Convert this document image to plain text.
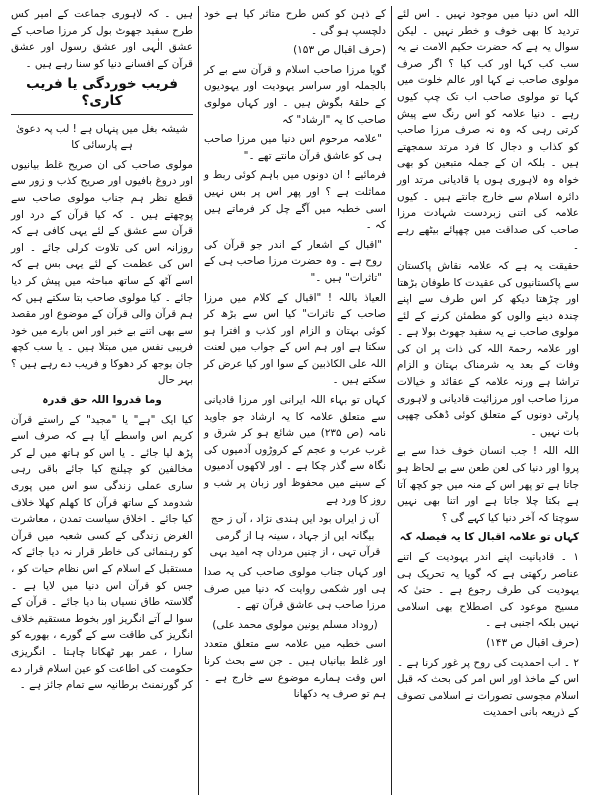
اللہ اس دنیا میں موجود نہیں ۔ اس لئے تردید کا بھی خوف و خطر نہیں ۔ لیکن سوال یہ ہے کہ حضرت حکیم الامت نے یہ سب کب کہا اور کب کیا ؟ اگر صرف مولوی صاحب نے کہا اور عالم خلوت میں کہا تو مولوی صاحب اب تک چپ کیوں رہے ۔ دنیا علامہ کو اس رنگ سے پیش کرتی رہی کہ وہ نہ صرف مرزا صاحب کو کذاب و دجال کا فرد مرتد سمجھتے ہیں ۔ بلکہ ان کے جملہ متبعین کو بھی خواہ وہ لاہوری ہوں یا قادیانی مرتد اور دائرہ اسلام سے خارج جانتے ہیں ۔ کیوں علامہ کی اتنی زبردست شہادت مرزا صاحب کی صداقت میں چھپائے بیٹھے رہے ۔

حقیقت یہ ہے کہ علامہ نقاش پاکستان سے پاکستانیوں کی عقیدت کا طوفان بڑھتا اور چڑھتا دیکھ کر اس طرف سے اپنے چندہ دینے والوں کو مطمئن کرنے کے لئے مولوی صاحب نے یہ سفید جھوٹ بولا ہے ۔ اور علامہ رحمۃ اللہ کی ذات پر ان کی وفات کے بعد یہ شرمناک بہتان و الزام تراشا ہے ورنہ علامہ کے عقائد و خیالات مرزا صاحب اور مرزائیت قادیانی و لاہوری پارٹی دونوں کے متعلق کوئی ڈھکی چھپی بات نہیں ۔

اللہ اللہ ! جب انسان خوف خدا سے بے پروا اور دنیا کی لعن طعن سے بے لحاظ ہو جاتا ہے تو پھر اس کے منہ میں جو کچھ آتا ہے بکتا چلا جاتا ہے اور اتنا بھی نہیں سوچتا کہ آخر دنیا کیا کہے گی ؟

کہاں تو علامہ اقبال کا یہ فیصلہ کہ

۱ ۔ قادیانیت اپنے اندر یہودیت کے اتنے عناصر رکھتی ہے کہ گویا یہ تحریک ہی یہودیت کی طرف رجوع ہے ۔ حتیٰ کہ مسیح موعود کی اصطلاح بھی اسلامی نہیں بلکہ اجنبی ہے ۔

(حرف اقبال ص ۱۴۳)

۲ ۔ اب احمدیت کی روح پر غور کرنا ہے ۔ اس کے ماخذ اور اس امر کی بحث کہ قبل اسلام مجوسی تصورات نے اسلامی تصوف کے ذریعہ بانی احمدیت

کے ذہن کو کس طرح متاثر کیا ہے خود دلچسپ ہو گی ۔

(حرف اقبال ص ۱۵۳)

گویا مرزا صاحب اسلام و قرآن سے بے کر بالجملہ اور سراسر یہودیت اور یہودیوں کے حلقۂ بگوش ہیں ۔ اور کہاں مولوی صاحب کا یہ "ارشاد" کہ

"علامہ مرحوم اس دنیا میں مرزا صاحب ہی کو عاشق قرآن مانتے تھے ۔"

فرمائیے ! ان دونوں میں باہم کوئی ربط و مماثلت ہے ؟ اور پھر اس پر بس نہیں اسی خطبہ میں آگے چل کر فرماتے ہیں کہ ۔

"اقبال کے اشعار کے اندر جو قرآن کی روح ہے ۔ وہ حضرت مرزا صاحب ہی کے "تاثرات" ہیں ۔"

العیاذ باللہ ! "اقبال کے کلام میں مرزا صاحب کے تاثرات" کیا اس سے بڑھ کر کوئی بہتان و الزام اور کذب و افترا ہو سکتا ہے اور ہم اس کے جواب میں لعنت اللہ علی الکاذبین کے سوا اور کیا عرض کر سکتے ہیں ۔

کہاں تو بہاء اللہ ایرانی اور مرزا قادیانی سے متعلق علامہ کا یہ ارشاد جو جاوید نامہ (ص ۲۳۵) میں شائع ہو کر شرق و غرب عرب و عجم کے کروڑوں آدمیوں کی نگاہ سے گذر چکا ہے ۔ اور لاکھوں آدمیوں کے سینے میں محفوظ اور زبان پر شب و روز کا ورد ہے

آں ز ایراں بود ایں ہندی نژاد ، آں ز حج بیگانہ ایں از جہاد ، سینہ ہا از گرمی قرآں تہی ، از چنیں مرداں چہ امید بہی

اور کہاں جناب مولوی صاحب کی یہ صدا ہی اور شکمی روایت کہ دنیا میں صرف مرزا صاحب ہی عاشق قرآن تھے ۔

(روداد مسلم یونین مولوی محمد علی)

اسی خطبہ میں علامہ سے متعلق متعدد اور غلط بیانیاں ہیں ۔ جن سے بحث کرنا اس وقت ہمارے موضوع سے خارج ہے ۔ ہم تو صرف یہ دکھانا

ہیں ۔ کہ لاہوری جماعت کے امیر کس طرح سفید جھوٹ بول کر مرزا صاحب کے عشق الٰہی اور عشق رسول اور عشق قرآن کے افسانے دنیا کو سنا رہے ہیں ۔

فریب خوردگی یا فریب کاری؟

شیشہ بغل میں پنہاں ہے ! لب پہ دعویٰ ہے پارسائی کا

مولوی صاحب کی ان صریح غلط بیانیوں اور دروغ بافیوں اور صریح کذب و زور سے قطع نظر ہم جناب مولوی صاحب سے پوچھتے ہیں ۔ کہ کیا قرآن کے درد اور قرآن سے عشق کے لئے یہی کافی ہے کہ روزانہ اس کی تلاوت کرلی جائے ۔ اور اس کی عظمت کے لئے یہی بس ہے کہ اسے آٹھ کے ساتھ مباحثہ میں پیش کر دیا جائے ۔ کیا مولوی صاحب بتا سکتے ہیں کہ ہم قرآن والی قرآن کے موضوع اور مقصد سے بھی اتنے بے خبر اور اس بارے میں خود فریبی نفس میں مبتلا ہیں ۔ یا سب کچھ جان بوجھ کر دھوکا و فریب دے رہے ہیں ؟ بہر حال

وما قدروا اللہ حق قدرہ

کیا ایک "ہے" یا "مجید" کے راستے قرآن کریم اس واسطے آیا ہے کہ صرف اسے پڑھ لیا جائے ۔ یا اس کو ہاتھ میں لے کر مخالفین کو چیلنج کیا جائے باقی رہی ساری عملی زندگی سو اس میں پوری شدومد کے ساتھ قرآن کا کھلم کھلا خلاف کیا جائے ۔ اخلاق سیاست تمدن ، معاشرت الغرض زندگی کے کسی شعبہ میں قرآن کو رہنمائی کی خاطر قرار نہ دیا جائے کہ مستقبل کے اسلام کے اس نظام حیات کو ، جس کو قرآن اس دنیا میں لایا ہے ۔ گلاستہ طاق نسیاں بنا دیا جائے ۔ قرآن کے سوا لے آتے انگریز اور بخوط مستقیم خلاف انگریز کی طاقت سے کے گورے ، بھورے کو سارا ، عمر بھر ٹھکانا چاہتا ۔ انگریزی حکومت کی اطاعت کو عین اسلام قرار دے کر گورنمنٹ برطانیہ سے تمام جائز ہے ۔
